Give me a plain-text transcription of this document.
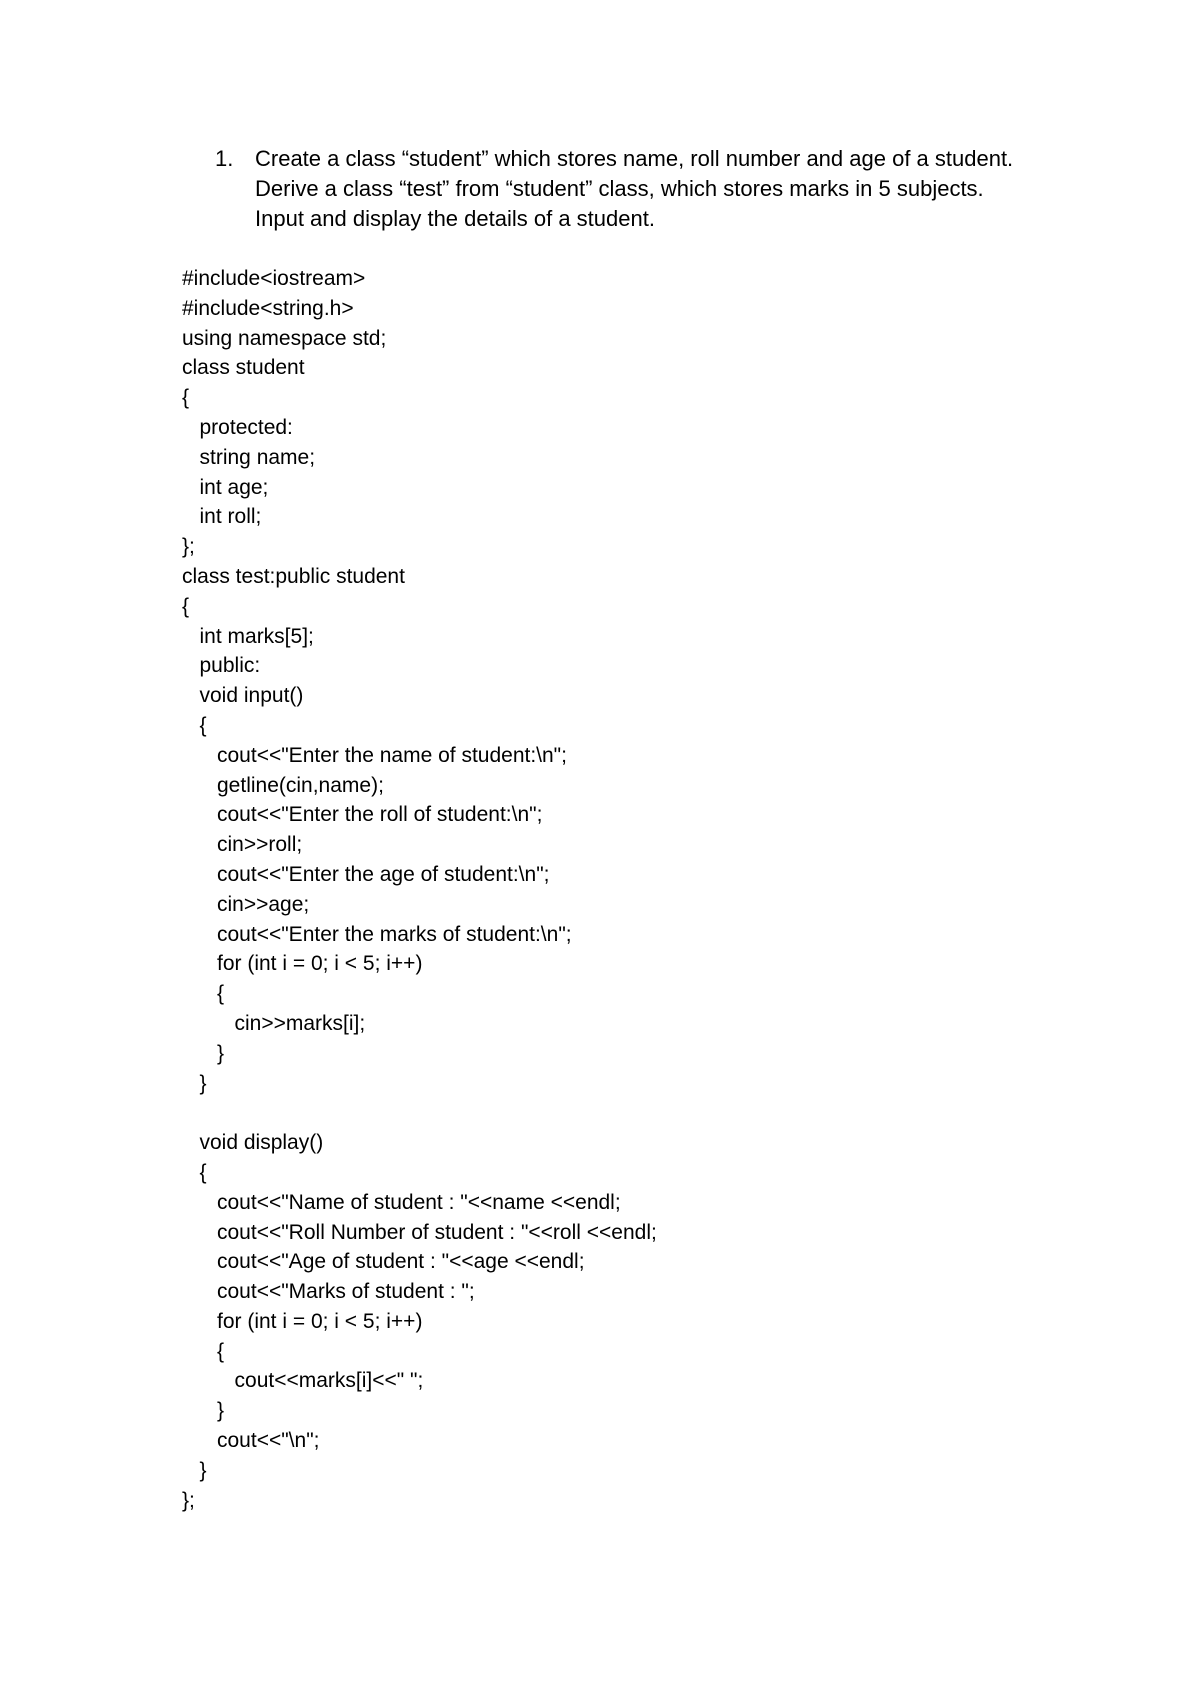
1. Create a class “student” which stores name, roll number and age of a student.
Derive a class “test” from “student” class, which stores marks in 5 subjects.
Input and display the details of a student.
#include<iostream>
#include<string.h>
using namespace std;
class student
{
protected:
string name;
int age;
int roll;
};
class test:public student
{
int marks[5];
public:
void input()
{
cout<<"Enter the name of student:\n";
getline(cin,name);
cout<<"Enter the roll of student:\n";
cin>>roll;
cout<<"Enter the age of student:\n";
cin>>age;
cout<<"Enter the marks of student:\n";
for (int i = 0; i < 5; i++)
{
cin>>marks[i];
}
}
void display()
{
cout<<"Name of student : "<<name <<endl;
cout<<"Roll Number of student : "<<roll <<endl;
cout<<"Age of student : "<<age <<endl;
cout<<"Marks of student : ";
for (int i = 0; i < 5; i++)
{
cout<<marks[i]<<" ";
}
cout<<"\n";
}
};
